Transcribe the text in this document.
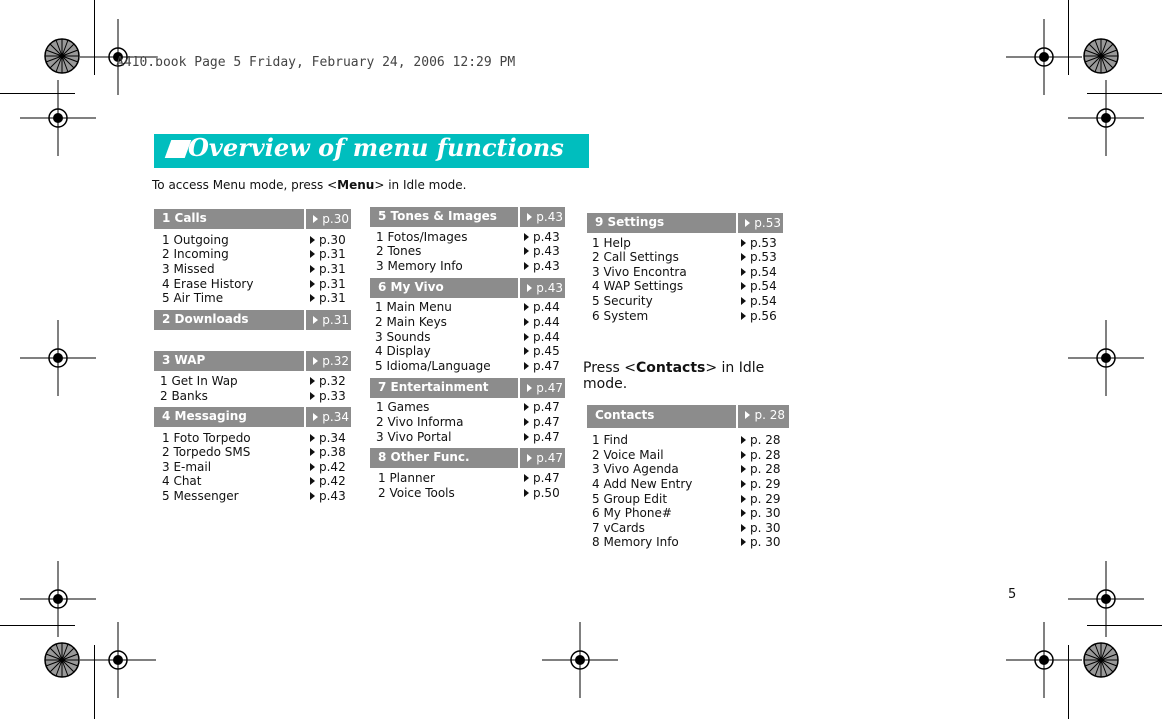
A410.book Page 5 Friday, February 24, 2006 12:29 PM
Overview of menu functions
To access Menu mode, press <Menu> in Idle mode.
1 Calls	p.30
1 Outgoing	p.30
2 Incoming	p.31
3 Missed	p.31
4 Erase History	p.31
5 Air Time	p.31
2 Downloads	p.31
3 WAP	p.32
1 Get In Wap	p.32
2 Banks	p.33
4 Messaging	p.34
1 Foto Torpedo	p.34
2 Torpedo SMS	p.38
3 E-mail	p.42
4 Chat	p.42
5 Messenger	p.43
5 Tones & Images	p.43
1 Fotos/Images	p.43
2 Tones	p.43
3 Memory Info	p.43
6 My Vivo	p.43
1 Main Menu	p.44
2 Main Keys	p.44
3 Sounds	p.44
4 Display	p.45
5 Idioma/Language	p.47
7 Entertainment	p.47
1 Games	p.47
2 Vivo Informa	p.47
3 Vivo Portal	p.47
8 Other Func.	p.47
1 Planner	p.47
2 Voice Tools	p.50
9 Settings	p.53
1 Help	p.53
2 Call Settings	p.53
3 Vivo Encontra	p.54
4 WAP Settings	p.54
5 Security	p.54
6 System	p.56
Press <Contacts> in Idle
mode.
Contacts	p. 28
1 Find	p. 28
2 Voice Mail	p. 28
3 Vivo Agenda	p. 28
4 Add New Entry	p. 29
5 Group Edit	p. 29
6 My Phone#	p. 30
7 vCards	p. 30
8 Memory Info	p. 30
5
